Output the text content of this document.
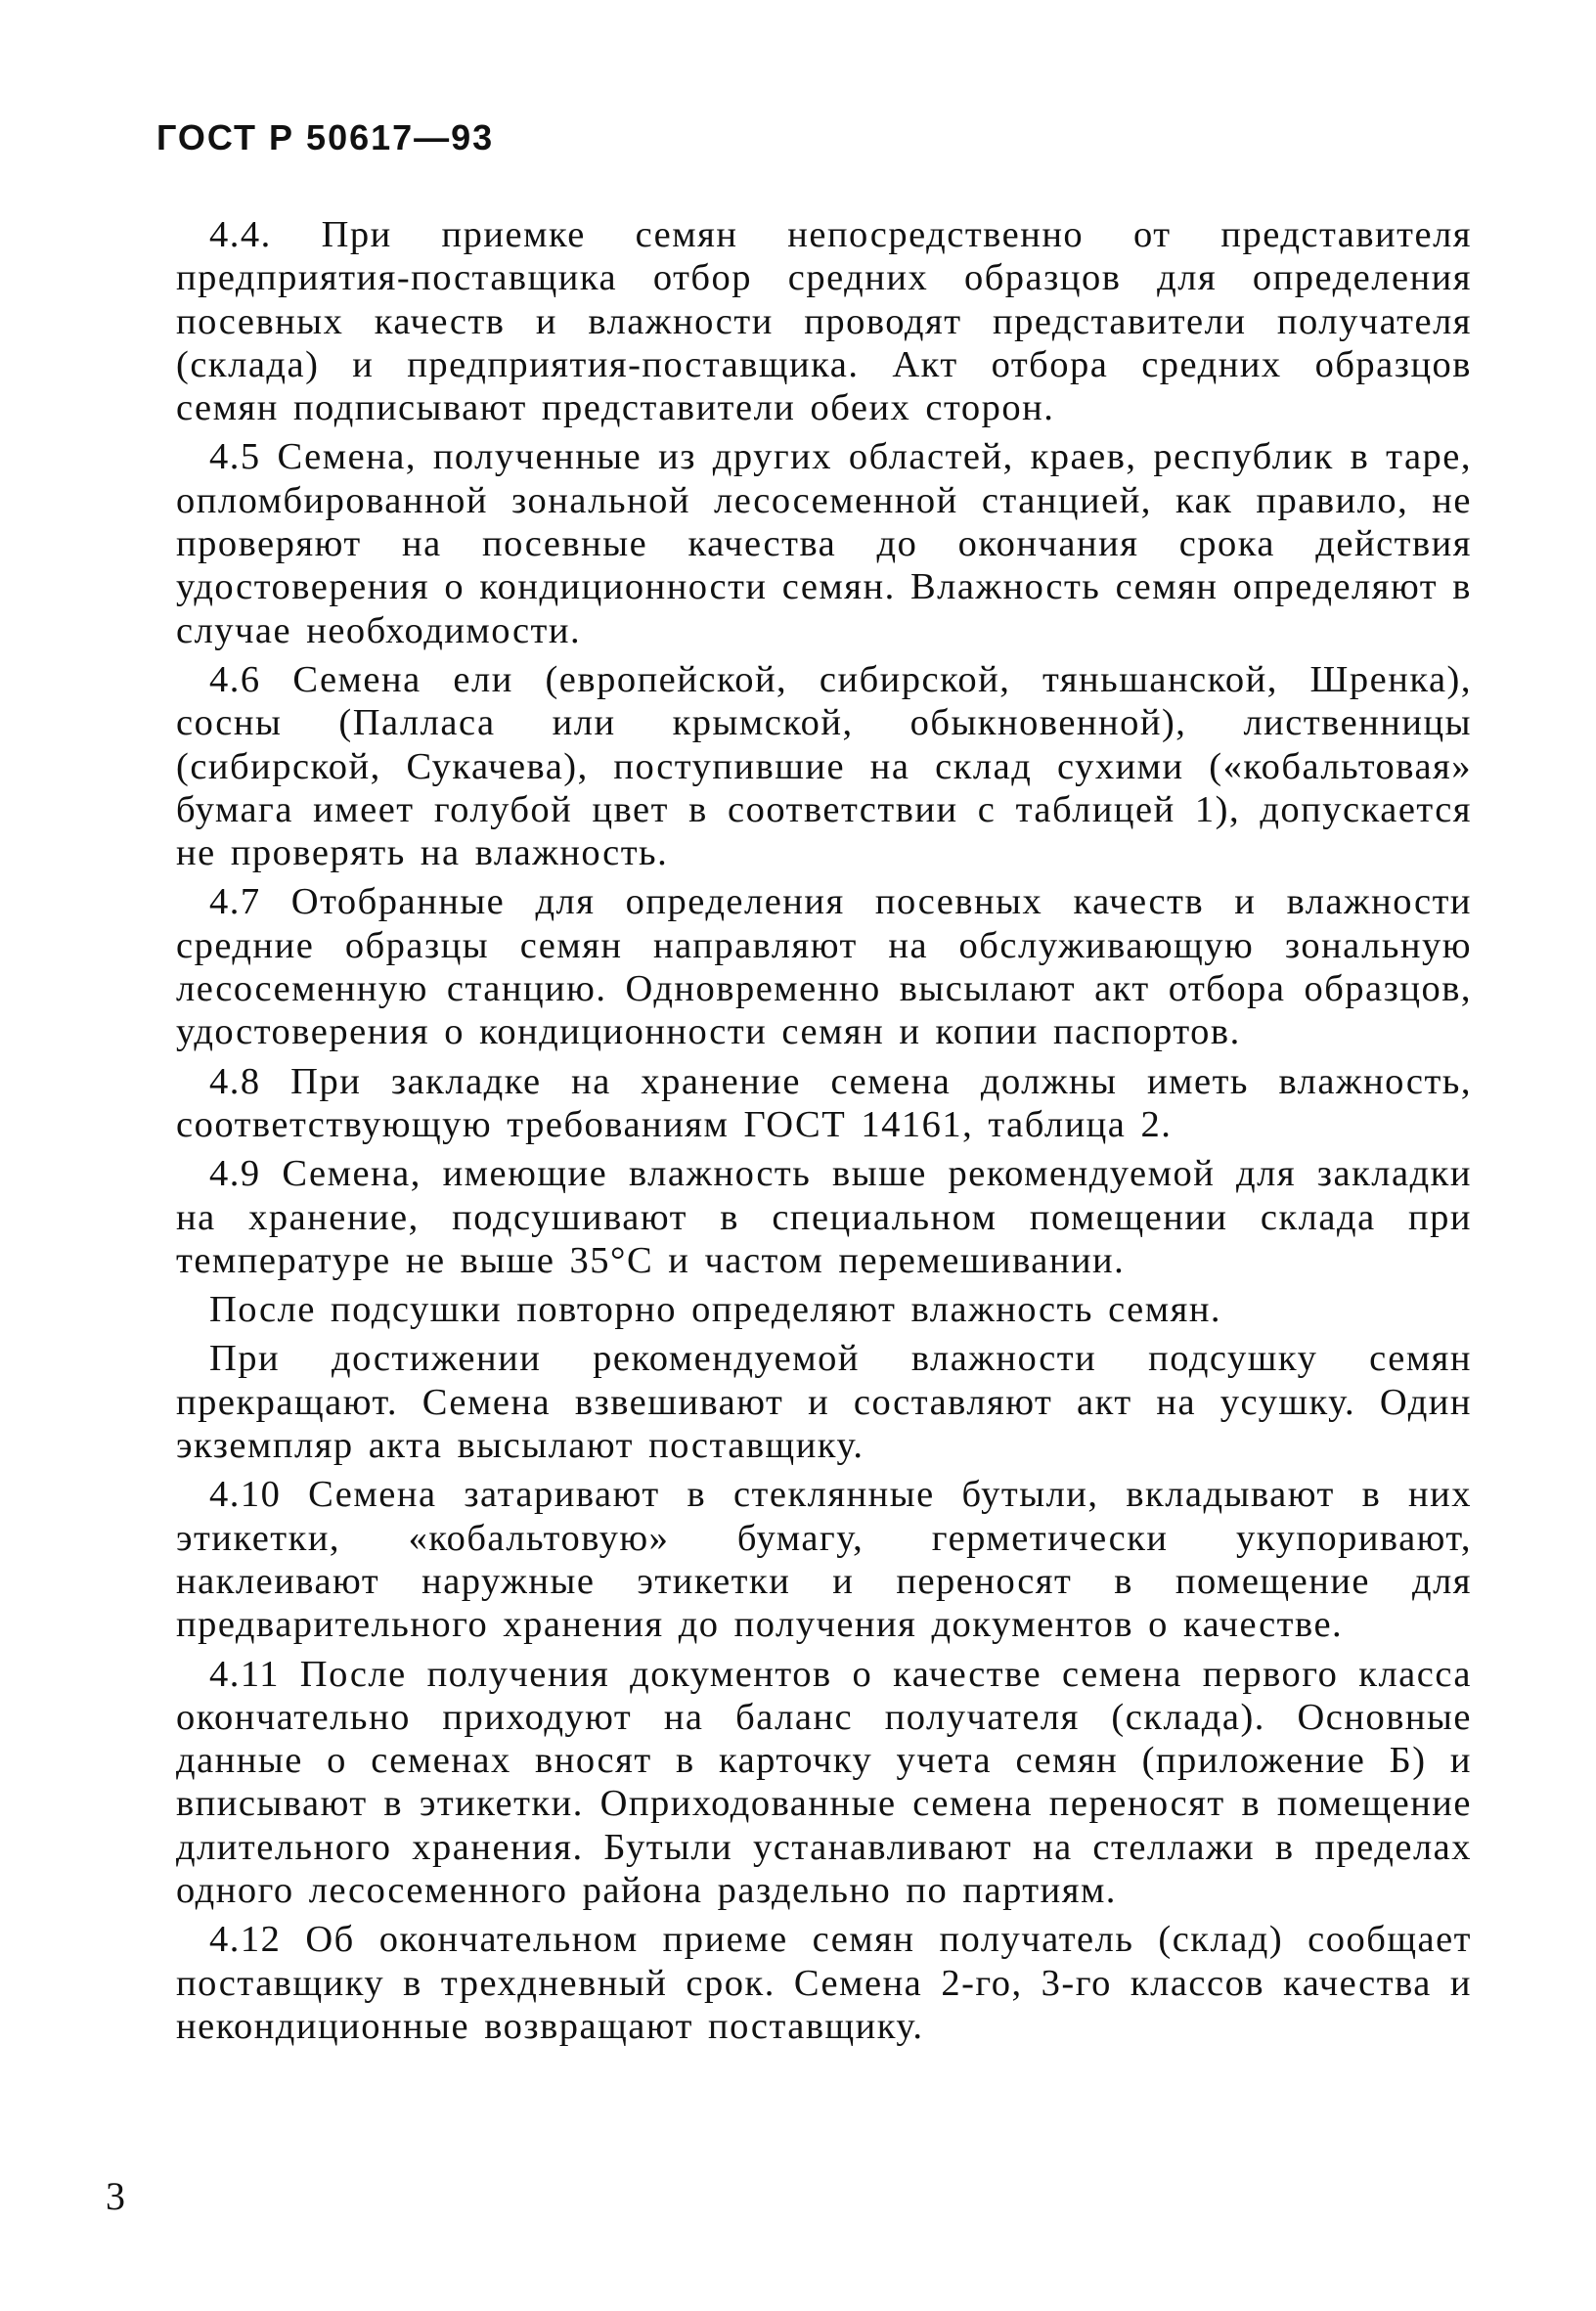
ГОСТ Р 50617—93

4.4. При приемке семян непосредственно от представителя предприятия-поставщика отбор средних образцов для определения посевных качеств и влажности проводят представители получателя (склада) и предприятия-поставщика. Акт отбора средних образцов семян подписывают представители обеих сторон.

4.5 Семена, полученные из других областей, краев, республик в таре, опломбированной зональной лесосеменной станцией, как правило, не проверяют на посевные качества до окончания срока действия удостоверения о кондиционности семян. Влажность семян определяют в случае необходимости.

4.6 Семена ели (европейской, сибирской, тяньшанской, Шренка), сосны (Палласа или крымской, обыкновенной), лиственницы (сибирской, Сукачева), поступившие на склад сухими («кобальтовая» бумага имеет голубой цвет в соответствии с таблицей 1), допускается не проверять на влажность.

4.7 Отобранные для определения посевных качеств и влажности средние образцы семян направляют на обслуживающую зональную лесосеменную станцию. Одновременно высылают акт отбора образцов, удостоверения о кондиционности семян и копии паспортов.

4.8 При закладке на хранение семена должны иметь влажность, соответствующую требованиям ГОСТ 14161, таблица 2.

4.9 Семена, имеющие влажность выше рекомендуемой для закладки на хранение, подсушивают в специальном помещении склада при температуре не выше 35°С и частом перемешивании.

После подсушки повторно определяют влажность семян.

При достижении рекомендуемой влажности подсушку семян прекращают. Семена взвешивают и составляют акт на усушку. Один экземпляр акта высылают поставщику.

4.10 Семена затаривают в стеклянные бутыли, вкладывают в них этикетки, «кобальтовую» бумагу, герметически укупоривают, наклеивают наружные этикетки и переносят в помещение для предварительного хранения до получения документов о качестве.

4.11 После получения документов о качестве семена первого класса окончательно приходуют на баланс получателя (склада). Основные данные о семенах вносят в карточку учета семян (приложение Б) и вписывают в этикетки. Оприходованные семена переносят в помещение длительного хранения. Бутыли устанавливают на стеллажи в пределах одного лесосеменного района раздельно по партиям.

4.12 Об окончательном приеме семян получатель (склад) сообщает поставщику в трехдневный срок. Семена 2-го, 3-го классов качества и некондиционные возвращают поставщику.

3
